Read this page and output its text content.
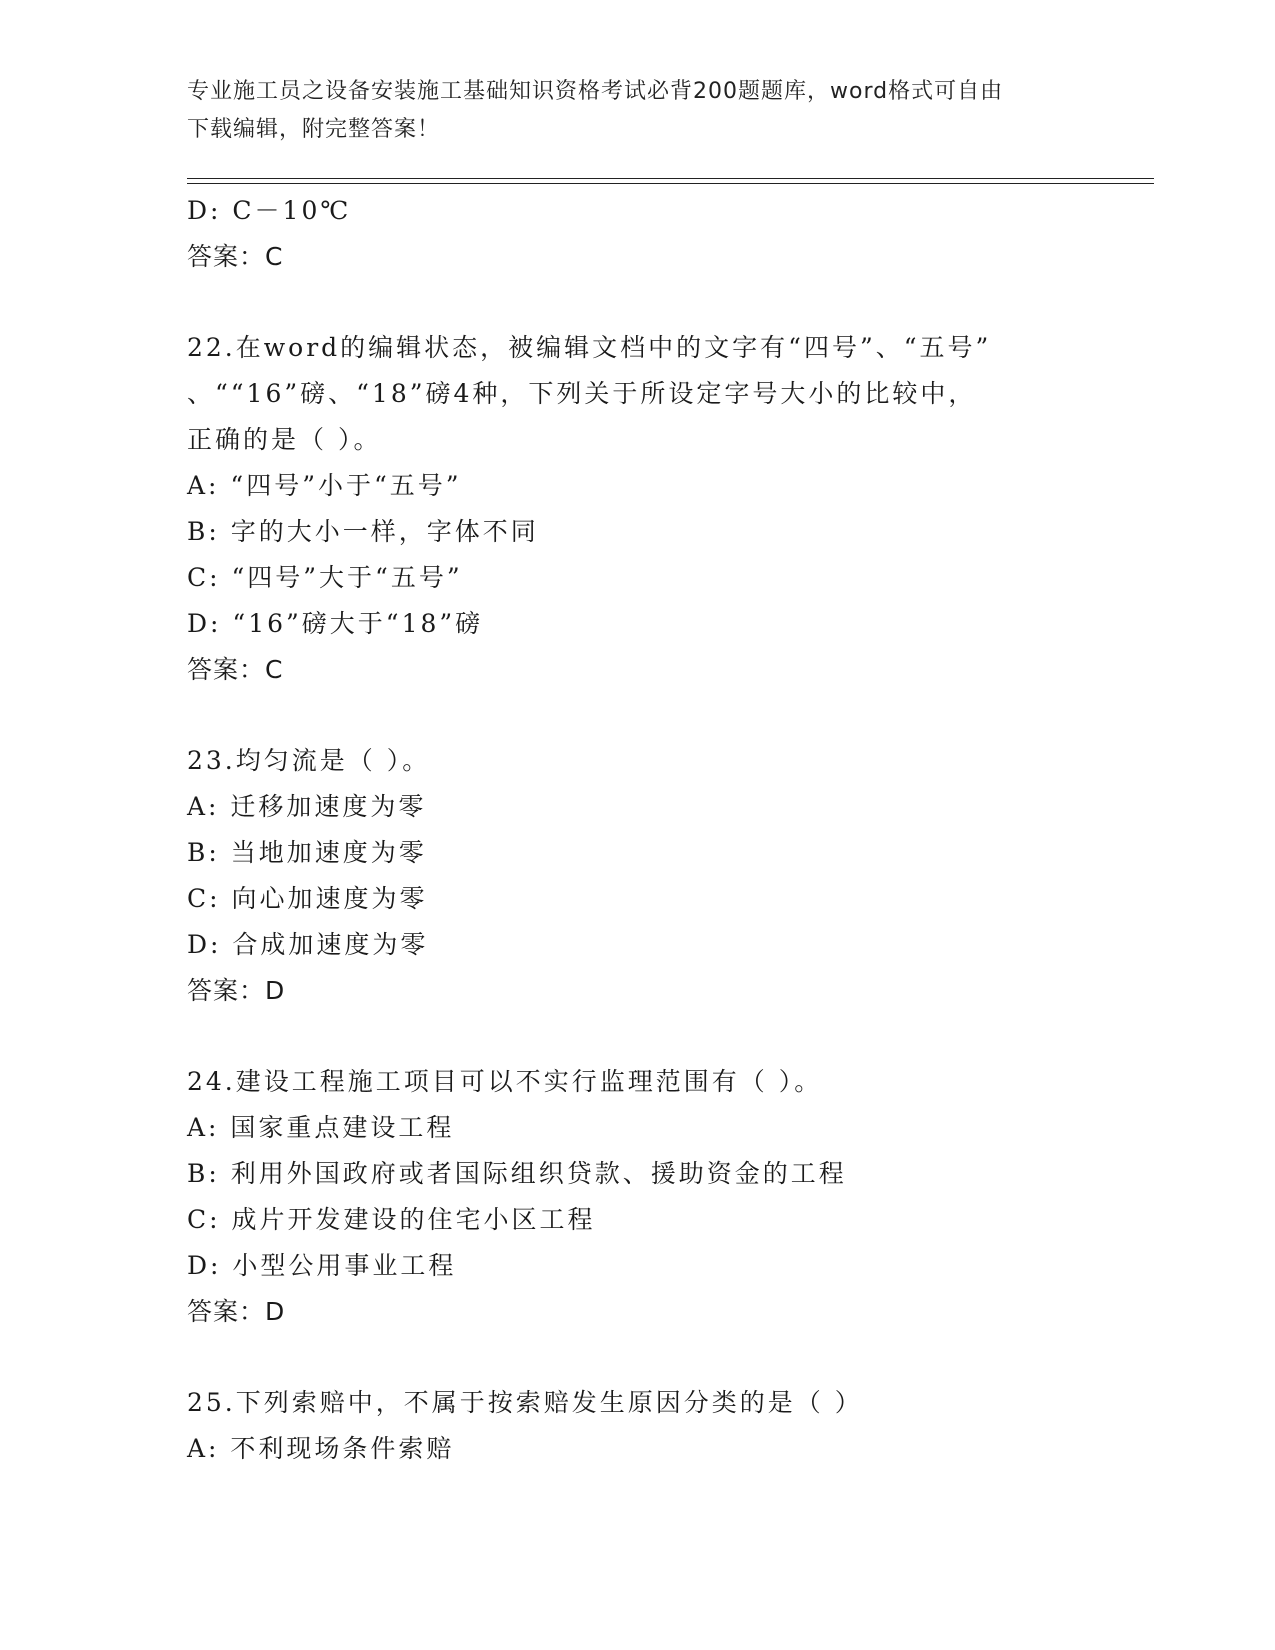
专业施工员之设备安装施工基础知识资格考试必背200题题库，word格式可自由
下载编辑，附完整答案！
D: C－10℃
答案：C
22.在word的编辑状态，被编辑文档中的文字有“四号”、“五号”
、““16”磅、“18”磅4种，下列关于所设定字号大小的比较中，
正确的是（ ）。
A: “四号”小于“五号”
B: 字的大小一样，字体不同
C: “四号”大于“五号”
D: “16”磅大于“18”磅
答案：C
23.均匀流是（ ）。
A: 迁移加速度为零
B: 当地加速度为零
C: 向心加速度为零
D: 合成加速度为零
答案：D
24.建设工程施工项目可以不实行监理范围有（ ）。
A: 国家重点建设工程
B: 利用外国政府或者国际组织贷款、援助资金的工程
C: 成片开发建设的住宅小区工程
D: 小型公用事业工程
答案：D
25.下列索赔中，不属于按索赔发生原因分类的是（ ）
A: 不利现场条件索赔
